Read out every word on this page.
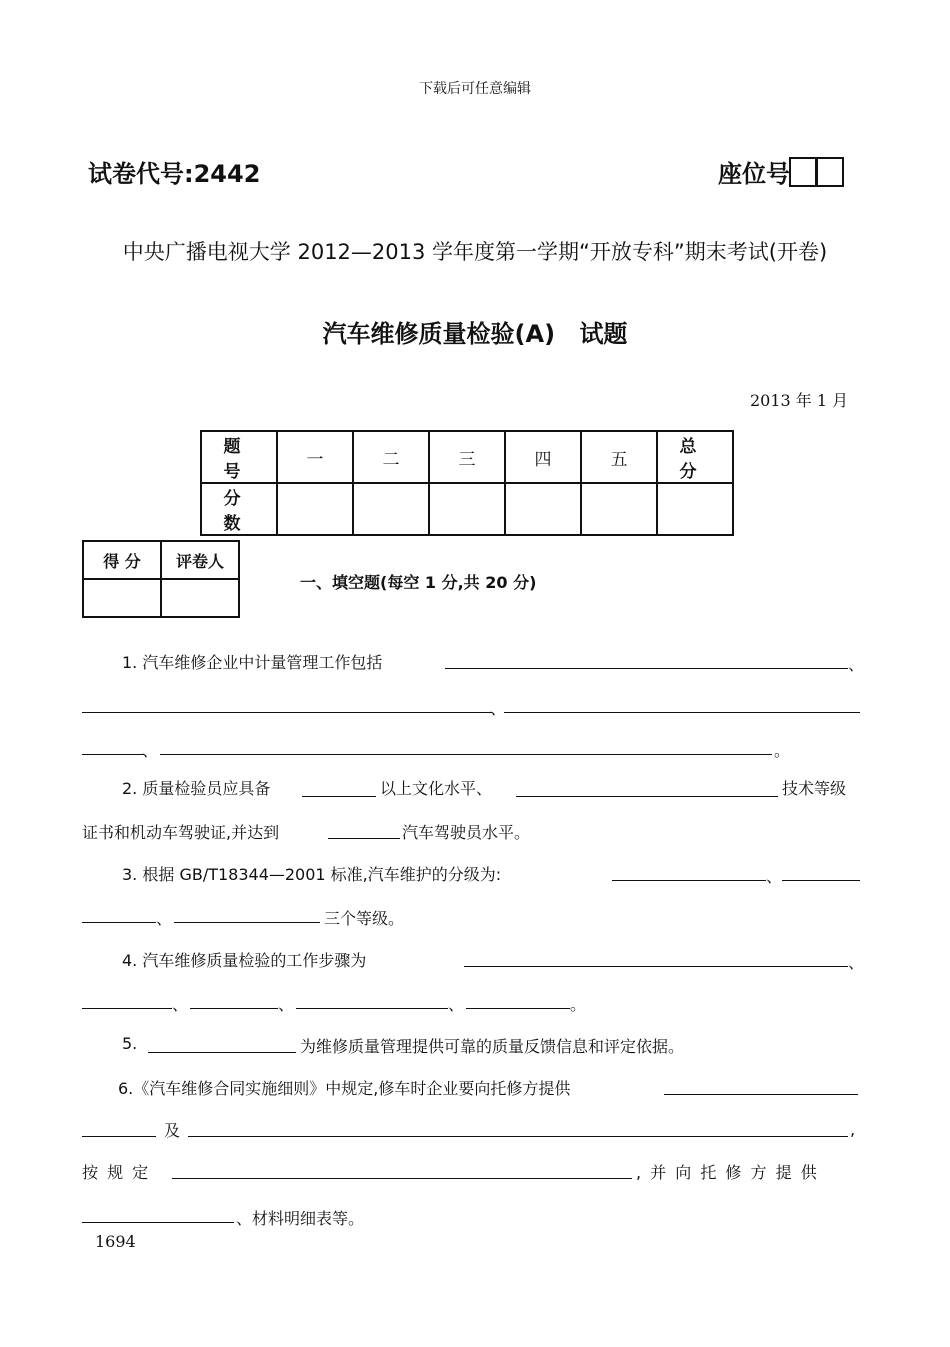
下载后可任意编辑
试卷代号:2442	座位号
中央广播电视大学 2012—2013 学年度第一学期“开放专科”期末考试(开卷)
汽车维修质量检验(A) 试题
2013 年 1 月
题 号	一	二	三	四	五	总 分
分 数						
得 分	评卷人

一、填空题(每空 1 分,共 20 分)
1. 汽车维修企业中计量管理工作包括	、
、
、	。
2. 质量检验员应具备	以上文化水平、	技术等级
证书和机动车驾驶证,并达到	汽车驾驶员水平。
3. 根据 GB/T18344—2001 标准,汽车维护的分级为:	、
、	三个等级。
4. 汽车维修质量检验的工作步骤为	、
、	、	、	。
5.	为维修质量管理提供可靠的质量反馈信息和评定依据。
6.《汽车维修合同实施细则》中规定,修车时企业要向托修方提供
及	,
按 规 定	, 并 向 托 修 方 提 供
、材料明细表等。
1694
